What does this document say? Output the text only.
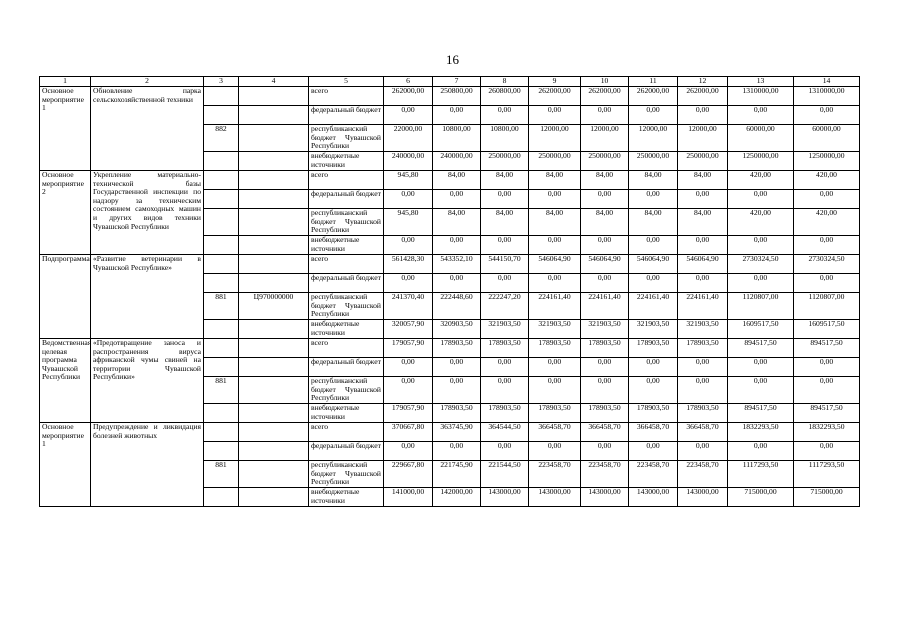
16
1	2	3	4	5	6	7	8	9	10	11	12	13	14
Основное мероприятие 1	Обновление парка сельскохозяйственной техники			всего	262000,00	250800,00	260800,00	262000,00	262000,00	262000,00	262000,00	1310000,00	1310000,00
				федеральный бюджет	0,00	0,00	0,00	0,00	0,00	0,00	0,00	0,00	0,00
		882		республиканский бюджет Чувашской Республики	22000,00	10800,00	10800,00	12000,00	12000,00	12000,00	12000,00	60000,00	60000,00
				внебюджетные источники	240000,00	240000,00	250000,00	250000,00	250000,00	250000,00	250000,00	1250000,00	1250000,00
Основное мероприятие 2	Укрепление материально-технической базы Государственной инспекции по надзору за техническим состоянием самоходных машин и других видов техники Чувашской Республики			всего	945,80	84,00	84,00	84,00	84,00	84,00	84,00	420,00	420,00
				федеральный бюджет	0,00	0,00	0,00	0,00	0,00	0,00	0,00	0,00	0,00
				республиканский бюджет Чувашской Республики	945,80	84,00	84,00	84,00	84,00	84,00	84,00	420,00	420,00
				внебюджетные источники	0,00	0,00	0,00	0,00	0,00	0,00	0,00	0,00	0,00
Подпрограмма	«Развитие ветеринарии в Чувашской Республике»			всего	561428,30	543352,10	544150,70	546064,90	546064,90	546064,90	546064,90	2730324,50	2730324,50
				федеральный бюджет	0,00	0,00	0,00	0,00	0,00	0,00	0,00	0,00	0,00
		881	Ц970000000	республиканский бюджет Чувашской Республики	241370,40	222448,60	222247,20	224161,40	224161,40	224161,40	224161,40	1120807,00	1120807,00
				внебюджетные источники	320057,90	320903,50	321903,50	321903,50	321903,50	321903,50	321903,50	1609517,50	1609517,50
Ведомственная целевая программа Чувашской Республики	«Предотвращение заноса и распространения вируса африканской чумы свиней на территории Чувашской Республики»			всего	179057,90	178903,50	178903,50	178903,50	178903,50	178903,50	178903,50	894517,50	894517,50
				федеральный бюджет	0,00	0,00	0,00	0,00	0,00	0,00	0,00	0,00	0,00
		881		республиканский бюджет Чувашской Республики	0,00	0,00	0,00	0,00	0,00	0,00	0,00	0,00	0,00
				внебюджетные источники	179057,90	178903,50	178903,50	178903,50	178903,50	178903,50	178903,50	894517,50	894517,50
Основное мероприятие 1	Предупреждение и ликвидация болезней животных			всего	370667,80	363745,90	364544,50	366458,70	366458,70	366458,70	366458,70	1832293,50	1832293,50
				федеральный бюджет	0,00	0,00	0,00	0,00	0,00	0,00	0,00	0,00	0,00
		881		республиканский бюджет Чувашской Республики	229667,80	221745,90	221544,50	223458,70	223458,70	223458,70	223458,70	1117293,50	1117293,50
				внебюджетные источники	141000,00	142000,00	143000,00	143000,00	143000,00	143000,00	143000,00	715000,00	715000,00
